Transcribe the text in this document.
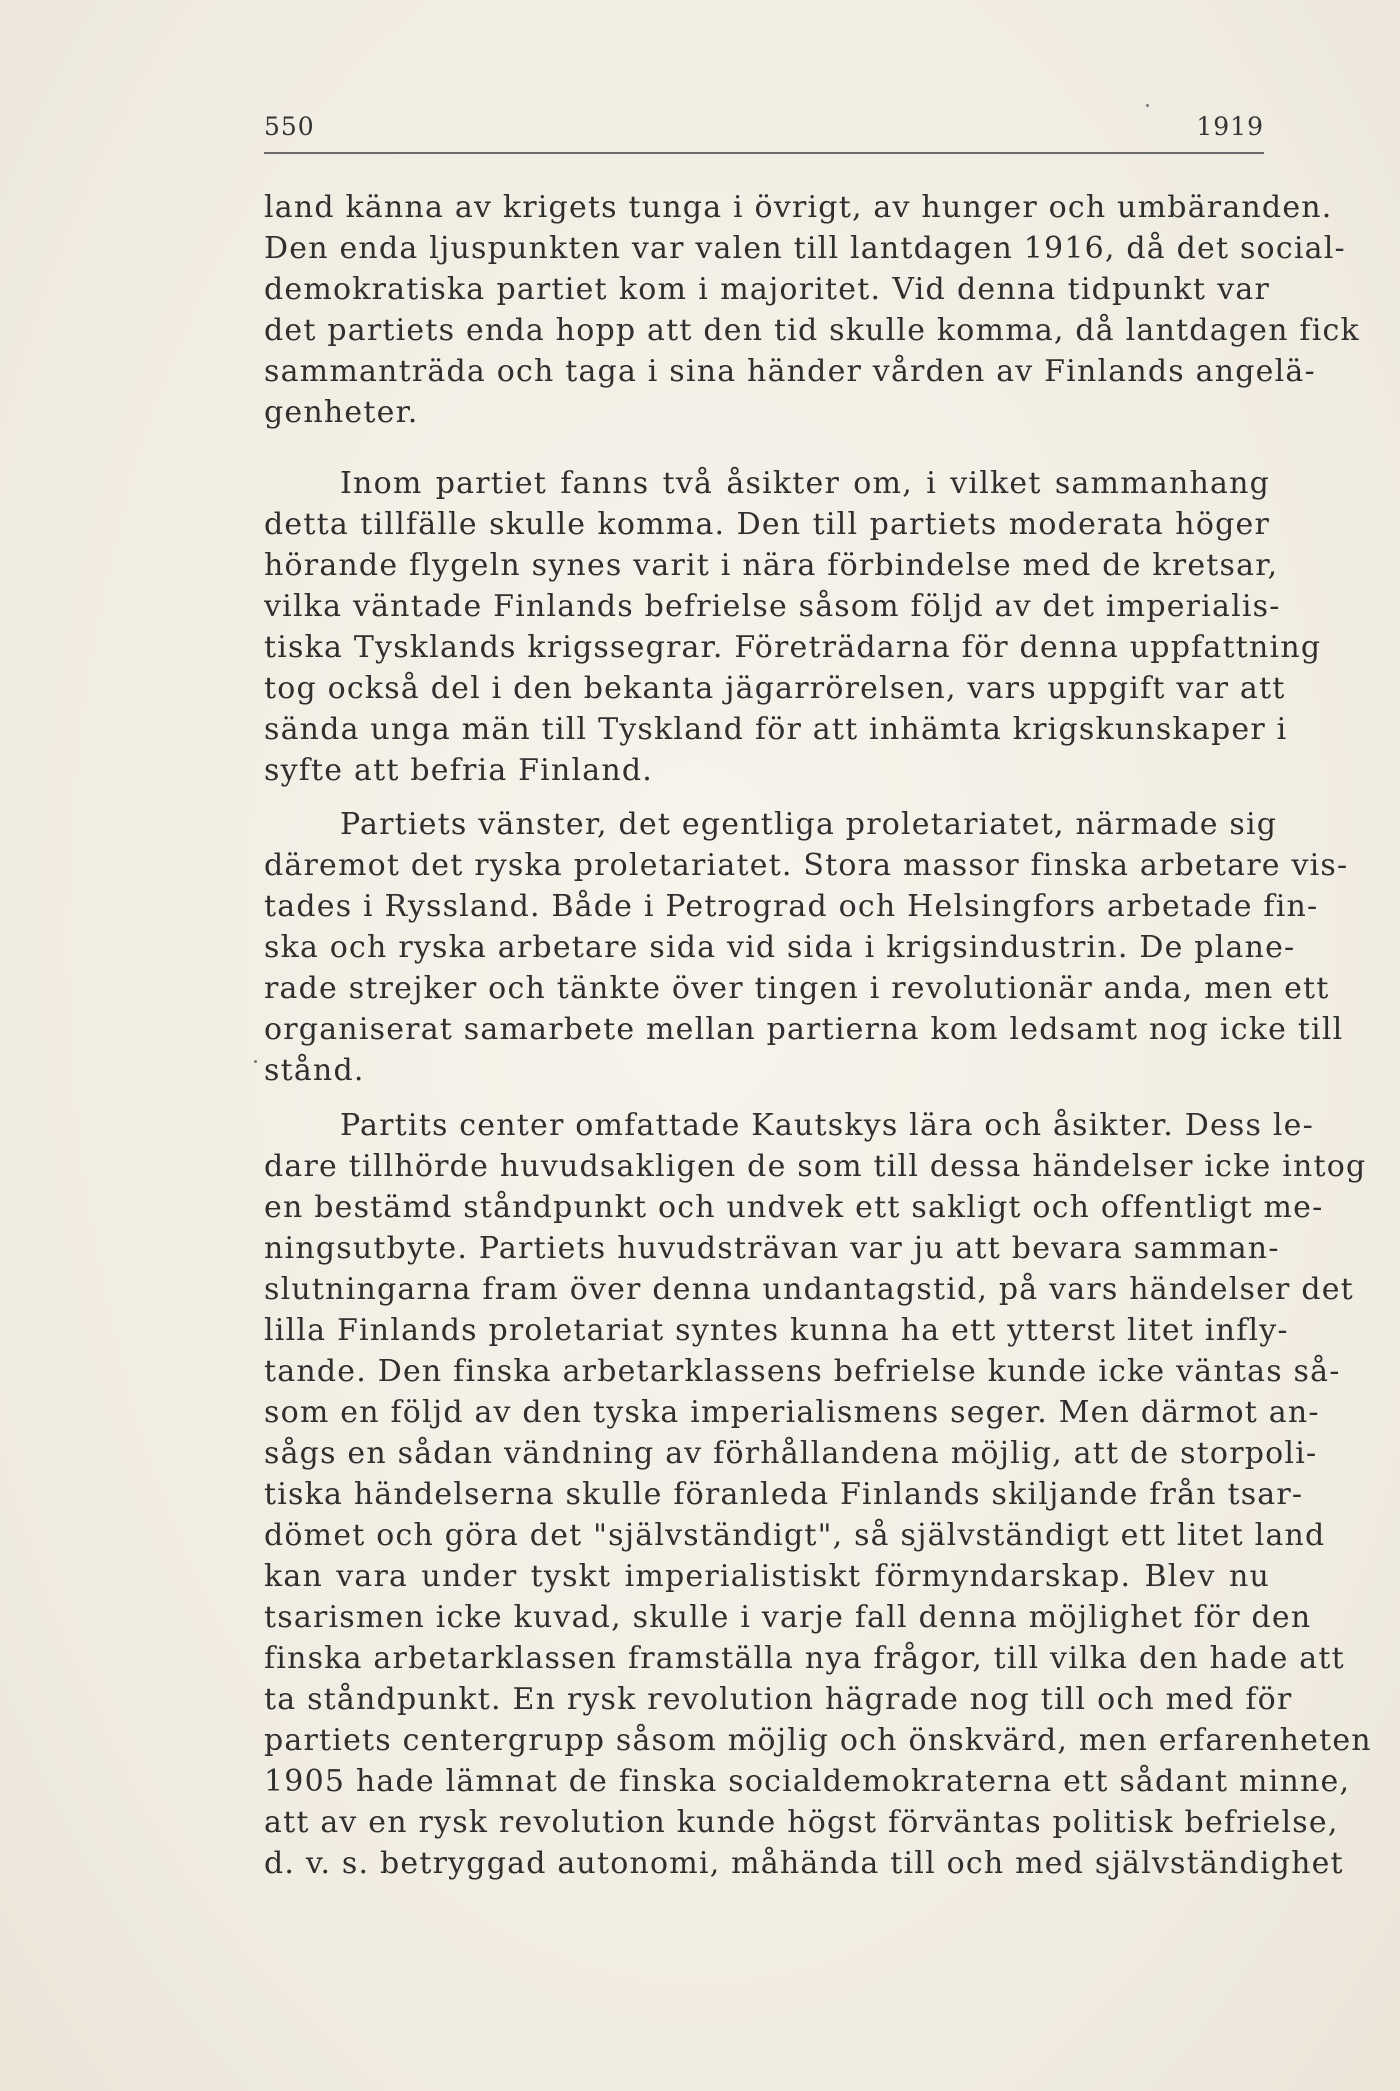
550	1919
land känna av krigets tunga i övrigt, av hunger och umbäranden.
Den enda ljuspunkten var valen till lantdagen 1916, då det social-
demokratiska partiet kom i majoritet. Vid denna tidpunkt var
det partiets enda hopp att den tid skulle komma, då lantdagen fick
sammanträda och taga i sina händer vården av Finlands angelä-
genheter.
Inom partiet fanns två åsikter om, i vilket sammanhang
detta tillfälle skulle komma. Den till partiets moderata höger
hörande flygeln synes varit i nära förbindelse med de kretsar,
vilka väntade Finlands befrielse såsom följd av det imperialis-
tiska Tysklands krigssegrar. Företrädarna för denna uppfattning
tog också del i den bekanta jägarrörelsen, vars uppgift var att
sända unga män till Tyskland för att inhämta krigskunskaper i
syfte att befria Finland.
Partiets vänster, det egentliga proletariatet, närmade sig
däremot det ryska proletariatet. Stora massor finska arbetare vis-
tades i Ryssland. Både i Petrograd och Helsingfors arbetade fin-
ska och ryska arbetare sida vid sida i krigsindustrin. De plane-
rade strejker och tänkte över tingen i revolutionär anda, men ett
organiserat samarbete mellan partierna kom ledsamt nog icke till
stånd.
Partits center omfattade Kautskys lära och åsikter. Dess le-
dare tillhörde huvudsakligen de som till dessa händelser icke intog
en bestämd ståndpunkt och undvek ett sakligt och offentligt me-
ningsutbyte. Partiets huvudsträvan var ju att bevara samman-
slutningarna fram över denna undantagstid, på vars händelser det
lilla Finlands proletariat syntes kunna ha ett ytterst litet infly-
tande. Den finska arbetarklassens befrielse kunde icke väntas så-
som en följd av den tyska imperialismens seger. Men därmot an-
sågs en sådan vändning av förhållandena möjlig, att de storpoli-
tiska händelserna skulle föranleda Finlands skiljande från tsar-
dömet och göra det "självständigt", så självständigt ett litet land
kan vara under tyskt imperialistiskt förmyndarskap. Blev nu
tsarismen icke kuvad, skulle i varje fall denna möjlighet för den
finska arbetarklassen framställa nya frågor, till vilka den hade att
ta ståndpunkt. En rysk revolution hägrade nog till och med för
partiets centergrupp såsom möjlig och önskvärd, men erfarenheten
1905 hade lämnat de finska socialdemokraterna ett sådant minne,
att av en rysk revolution kunde högst förväntas politisk befrielse,
d. v. s. betryggad autonomi, måhända till och med självständighet
